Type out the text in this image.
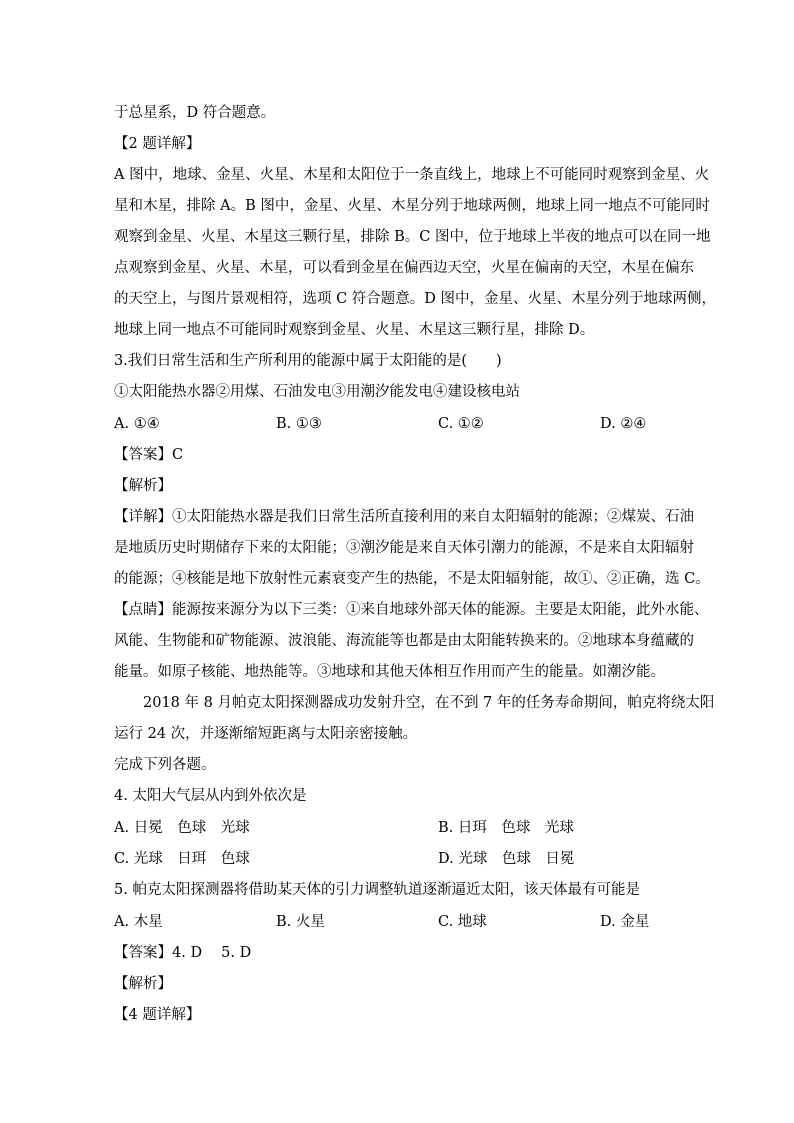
于总星系，D 符合题意。
【2 题详解】
A 图中，地球、金星、火星、木星和太阳位于一条直线上，地球上不可能同时观察到金星、火
星和木星，排除 A。B 图中，金星、火星、木星分列于地球两侧，地球上同一地点不可能同时
观察到金星、火星、木星这三颗行星，排除 B。C 图中，位于地球上半夜的地点可以在同一地
点观察到金星、火星、木星，可以看到金星在偏西边天空，火星在偏南的天空，木星在偏东
的天空上，与图片景观相符，选项 C 符合题意。D 图中，金星、火星、木星分列于地球两侧，
地球上同一地点不可能同时观察到金星、火星、木星这三颗行星，排除 D。
3.我们日常生活和生产所利用的能源中属于太阳能的是(　　)
①太阳能热水器②用煤、石油发电③用潮汐能发电④建设核电站
A. ①④	B. ①③	C. ①②	D. ②④
【答案】C
【解析】
【详解】①太阳能热水器是我们日常生活所直接利用的来自太阳辐射的能源；②煤炭、石油
是地质历史时期储存下来的太阳能；③潮汐能是来自天体引潮力的能源，不是来自太阳辐射
的能源；④核能是地下放射性元素衰变产生的热能，不是太阳辐射能，故①、②正确，选 C。
【点睛】能源按来源分为以下三类：①来自地球外部天体的能源。主要是太阳能，此外水能、
风能、生物能和矿物能源、波浪能、海流能等也都是由太阳能转换来的。②地球本身蕴藏的
能量。如原子核能、地热能等。③地球和其他天体相互作用而产生的能量。如潮汐能。
2018 年 8 月帕克太阳探测器成功发射升空，在不到 7 年的任务寿命期间，帕克将绕太阳
运行 24 次，并逐渐缩短距离与太阳亲密接触。
完成下列各题。
4. 太阳大气层从内到外依次是
A. 日冕　色球　光球	B. 日珥　色球　光球
C. 光球　日珥　色球	D. 光球　色球　日冕
5. 帕克太阳探测器将借助某天体的引力调整轨道逐渐逼近太阳，该天体最有可能是
A. 木星	B. 火星	C. 地球	D. 金星
【答案】4. D　 5. D
【解析】
【4 题详解】
